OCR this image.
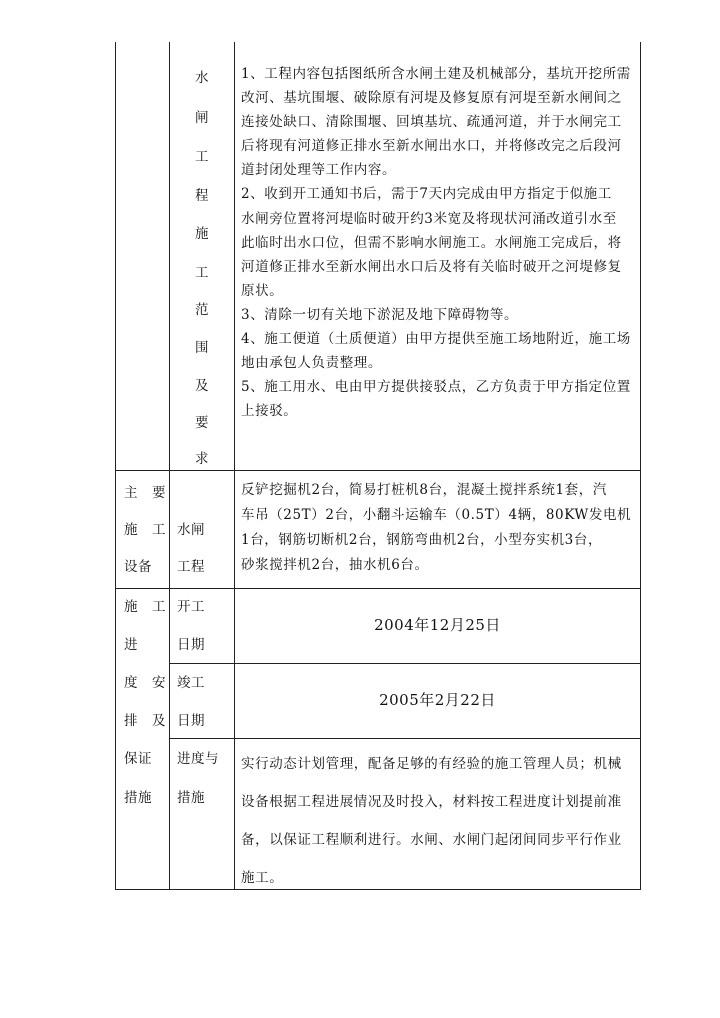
水
闸
工
程
施
工
范
围
及
要
求

1、工程内容包括图纸所含水闸土建及机械部分，基坑开挖所需

改河、基坑围堰、破除原有河堤及修复原有河堤至新水闸间之

连接处缺口、清除围堰、回填基坑、疏通河道，并于水闸完工

后将现有河道修正排水至新水闸出水口，并将修改完之后段河

道封闭处理等工作内容。

2、收到开工通知书后，需于7天内完成由甲方指定于似施工

水闸旁位置将河堤临时破开约3米宽及将现状河涌改道引水至

此临时出水口位，但需不影响水闸施工。水闸施工完成后，将

河道修正排水至新水闸出水口后及将有关临时破开之河堤修复

原状。

3、清除一切有关地下淤泥及地下障碍物等。

4、施工便道（土质便道）由甲方提供至施工场地附近，施工场

地由承包人负责整理。

5、施工用水、电由甲方提供接驳点，乙方负责于甲方指定位置

上接驳。

主　要
施　工
设备
水闸
工程

反铲挖掘机2台，简易打桩机8台，混凝土搅拌系统1套，汽

车吊（25T）2台，小翻斗运输车（0.5T）4辆，80KW发电机

1台，钢筋切断机2台，钢筋弯曲机2台，小型夯实机3台，

砂浆搅拌机2台，抽水机6台。

施　工
进
度　安
排　及
保证
措施
开工
日期
2004年12月25日
竣工
日期
2005年2月22日
进度与
措施

实行动态计划管理，配备足够的有经验的施工管理人员；机械

设备根据工程进展情况及时投入，材料按工程进度计划提前准

备，以保证工程顺利进行。水闸、水闸门起闭间同步平行作业

施工。
